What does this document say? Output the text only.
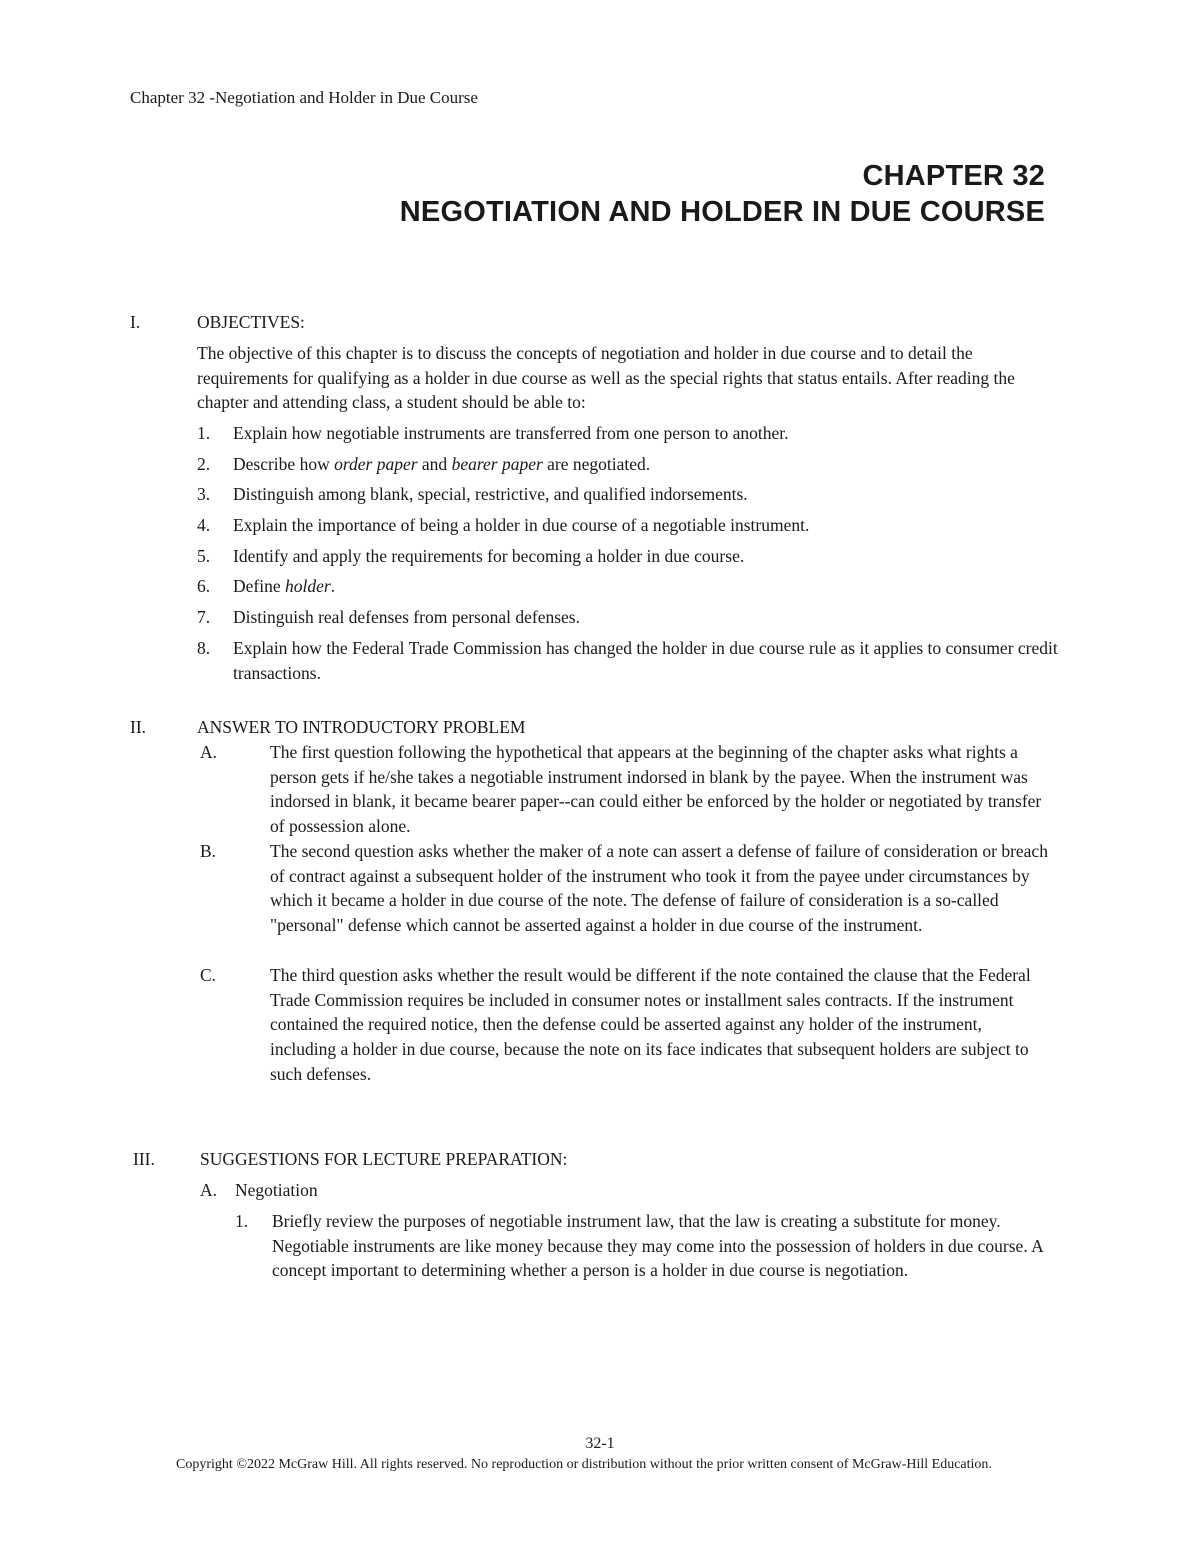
Chapter 32 -Negotiation and Holder in Due Course
CHAPTER 32
NEGOTIATION AND HOLDER IN DUE COURSE
I.	OBJECTIVES:
The objective of this chapter is to discuss the concepts of negotiation and holder in due course and to detail the requirements for qualifying as a holder in due course as well as the special rights that status entails. After reading the chapter and attending class, a student should be able to:
1. Explain how negotiable instruments are transferred from one person to another.
2. Describe how order paper and bearer paper are negotiated.
3. Distinguish among blank, special, restrictive, and qualified indorsements.
4. Explain the importance of being a holder in due course of a negotiable instrument.
5. Identify and apply the requirements for becoming a holder in due course.
6. Define holder.
7. Distinguish real defenses from personal defenses.
8. Explain how the Federal Trade Commission has changed the holder in due course rule as it applies to consumer credit transactions.
II.	ANSWER TO INTRODUCTORY PROBLEM
A.	The first question following the hypothetical that appears at the beginning of the chapter asks what rights a person gets if he/she takes a negotiable instrument indorsed in blank by the payee. When the instrument was indorsed in blank, it became bearer paper--can could either be enforced by the holder or negotiated by transfer of possession alone.
B.	The second question asks whether the maker of a note can assert a defense of failure of consideration or breach of contract against a subsequent holder of the instrument who took it from the payee under circumstances by which it became a holder in due course of the note. The defense of failure of consideration is a so-called "personal" defense which cannot be asserted against a holder in due course of the instrument.
C.	The third question asks whether the result would be different if the note contained the clause that the Federal Trade Commission requires be included in consumer notes or installment sales contracts. If the instrument contained the required notice, then the defense could be asserted against any holder of the instrument, including a holder in due course, because the note on its face indicates that subsequent holders are subject to such defenses.
III.	SUGGESTIONS FOR LECTURE PREPARATION:
A. Negotiation
1. Briefly review the purposes of negotiable instrument law, that the law is creating a substitute for money. Negotiable instruments are like money because they may come into the possession of holders in due course. A concept important to determining whether a person is a holder in due course is negotiation.
32-1
Copyright ©2022 McGraw Hill. All rights reserved. No reproduction or distribution without the prior written consent of McGraw-Hill Education.
